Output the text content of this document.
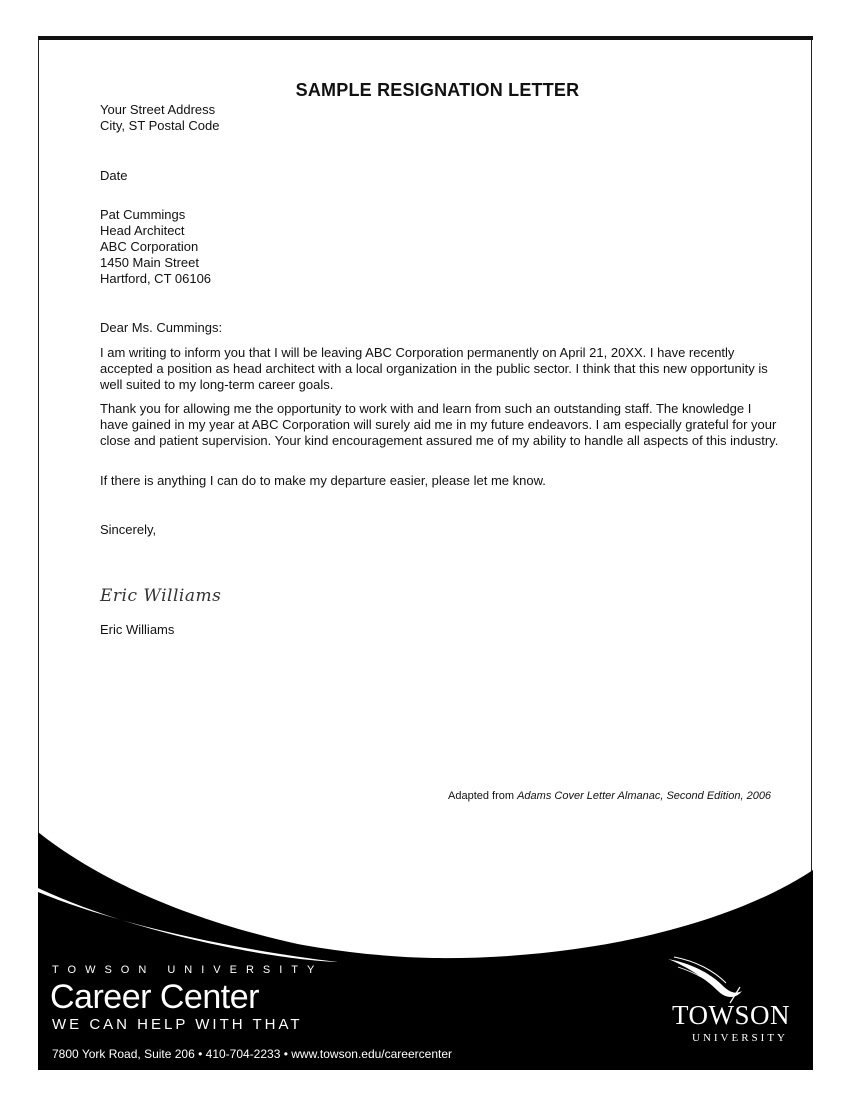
SAMPLE RESIGNATION LETTER
Your Street Address
City, ST Postal Code
Date
Pat Cummings
Head Architect
ABC Corporation
1450 Main Street
Hartford, CT 06106
Dear Ms. Cummings:
I am writing to inform you that I will be leaving ABC Corporation permanently on April 21, 20XX. I have recently accepted a position as head architect with a local organization in the public sector. I think that this new opportunity is well suited to my long-term career goals.
Thank you for allowing me the opportunity to work with and learn from such an outstanding staff. The knowledge I have gained in my year at ABC Corporation will surely aid me in my future endeavors. I am especially grateful for your close and patient supervision. Your kind encouragement assured me of my ability to handle all aspects of this industry.
If there is anything I can do to make my departure easier, please let me know.
Sincerely,
Eric Williams
Eric Williams
Adapted from Adams Cover Letter Almanac, Second Edition, 2006
TOWSON UNIVERSITY
Career Center
WE CAN HELP WITH THAT
7800 York Road, Suite 206 • 410-704-2233 • www.towson.edu/careercenter
TOWSON
UNIVERSITY
